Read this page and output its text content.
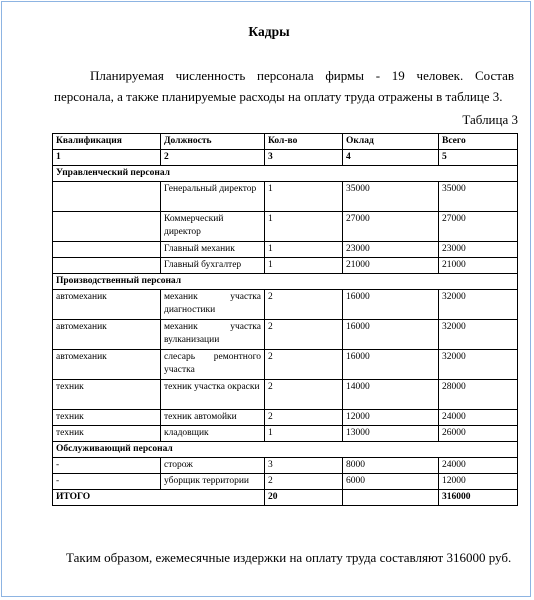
Кадры
Планируемая численность персонала фирмы - 19 человек. Состав персонала, а также планируемые расходы на оплату труда отражены в таблице 3.
Таблица 3
Квалификация	Должность	Кол-во	Оклад	Всего
1	2	3	4	5
Управленческий персонал				
	Генеральный директор	1	35000	35000
	Коммерческий директор	1	27000	27000
	Главный механик	1	23000	23000
	Главный бухгалтер	1	21000	21000
Производственный персонал				
автомеханик	механик участка диагностики	2	16000	32000
автомеханик	механик участка вулканизации	2	16000	32000
автомеханик	слесарь ремонтного участка	2	16000	32000
техник	техник участка окраски	2	14000	28000
техник	техник автомойки	2	12000	24000
техник	кладовщик	1	13000	26000
Обслуживающий персонал				
-	сторож	3	8000	24000
-	уборщик территории	2	6000	12000
ИТОГО		20		316000
Таким образом, ежемесячные издержки на оплату труда составляют 316000 руб.
